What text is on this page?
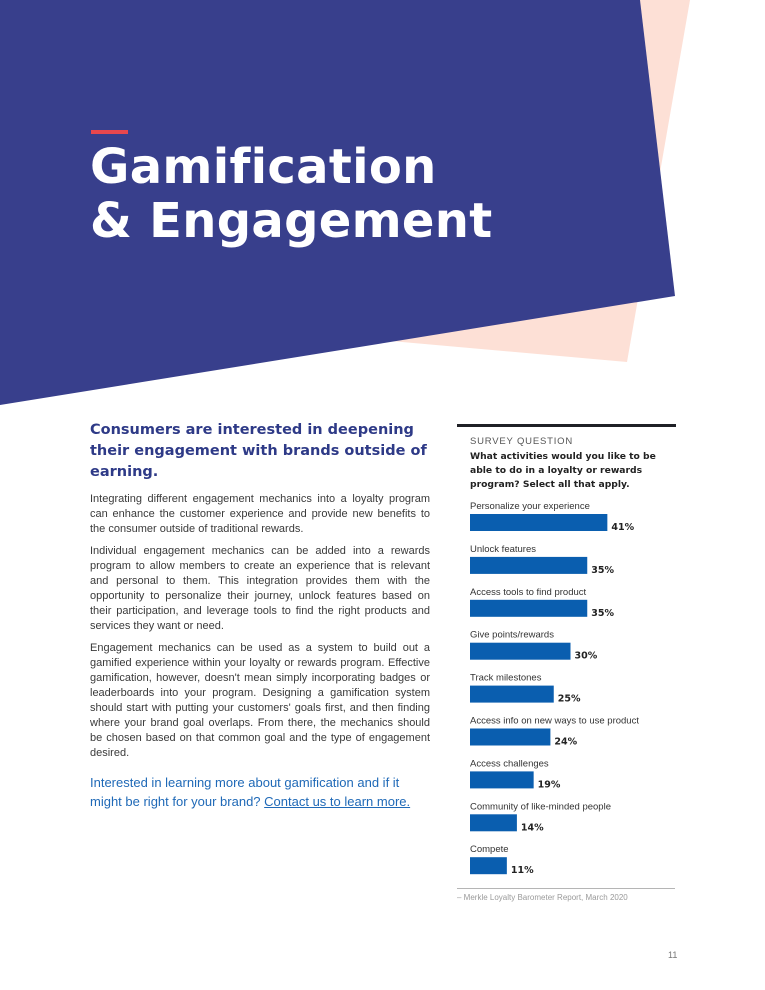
Gamification
& Engagement

Consumers are interested in deepening their engagement with brands outside of earning.

Integrating different engagement mechanics into a loyalty program can enhance the customer experience and provide new benefits to the consumer outside of traditional rewards.

Individual engagement mechanics can be added into a rewards program to allow members to create an experience that is relevant and personal to them. This integration provides them with the opportunity to personalize their journey, unlock features based on their participation, and leverage tools to find the right products and services they want or need.

Engagement mechanics can be used as a system to build out a gamified experience within your loyalty or rewards program. Effective gamification, however, doesn't mean simply incorporating badges or leaderboards into your program. Designing a gamification system should start with putting your customers' goals first, and then finding where your brand goal overlaps. From there, the mechanics should be chosen based on that common goal and the type of engagement desired.

Interested in learning more about gamification and if it might be right for your brand? Contact us to learn more.

SURVEY QUESTION
What activities would you like to be able to do in a loyalty or rewards program? Select all that apply.
Personalize your experience
41%
Unlock features
35%
Access tools to find product
35%
Give points/rewards
30%
Track milestones
25%
Access info on new ways to use product
24%
Access challenges
19%
Community of like-minded people
14%
Compete
11%
– Merkle Loyalty Barometer Report, March 2020
11
